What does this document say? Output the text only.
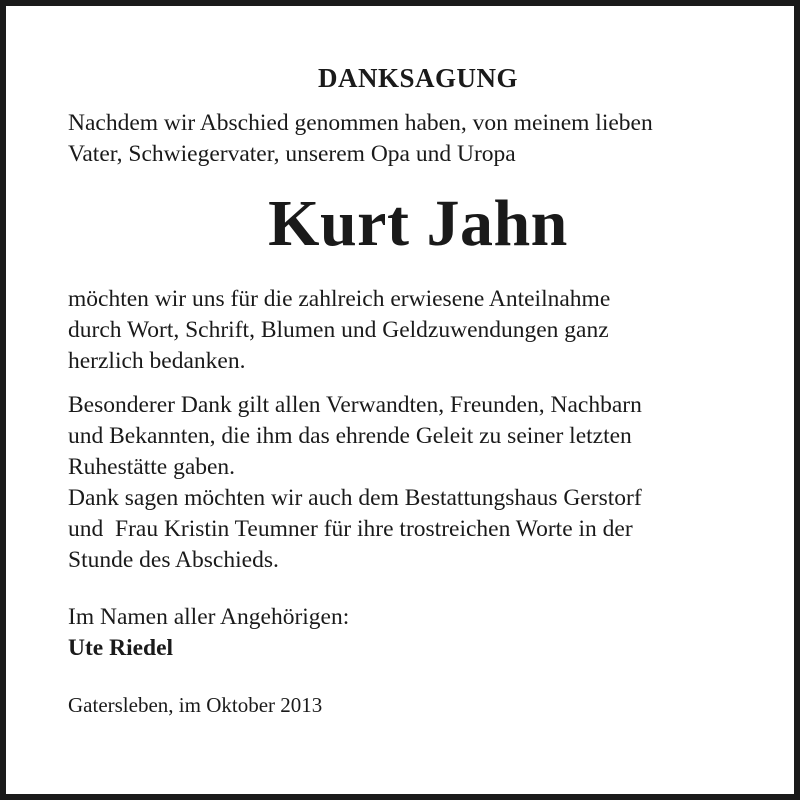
DANKSAGUNG

Nachdem wir Abschied genommen haben, von meinem lieben
Vater, Schwiegervater, unserem Opa und Uropa

Kurt Jahn

möchten wir uns für die zahlreich erwiesene Anteilnahme
durch Wort, Schrift, Blumen und Geldzuwendungen ganz
herzlich bedanken.

Besonderer Dank gilt allen Verwandten, Freunden, Nachbarn
und Bekannten, die ihm das ehrende Geleit zu seiner letzten
Ruhestätte gaben.
Dank sagen möchten wir auch dem Bestattungshaus Gerstorf
und  Frau Kristin Teumner für ihre trostreichen Worte in der
Stunde des Abschieds.

Im Namen aller Angehörigen:
Ute Riedel

Gatersleben, im Oktober 2013
